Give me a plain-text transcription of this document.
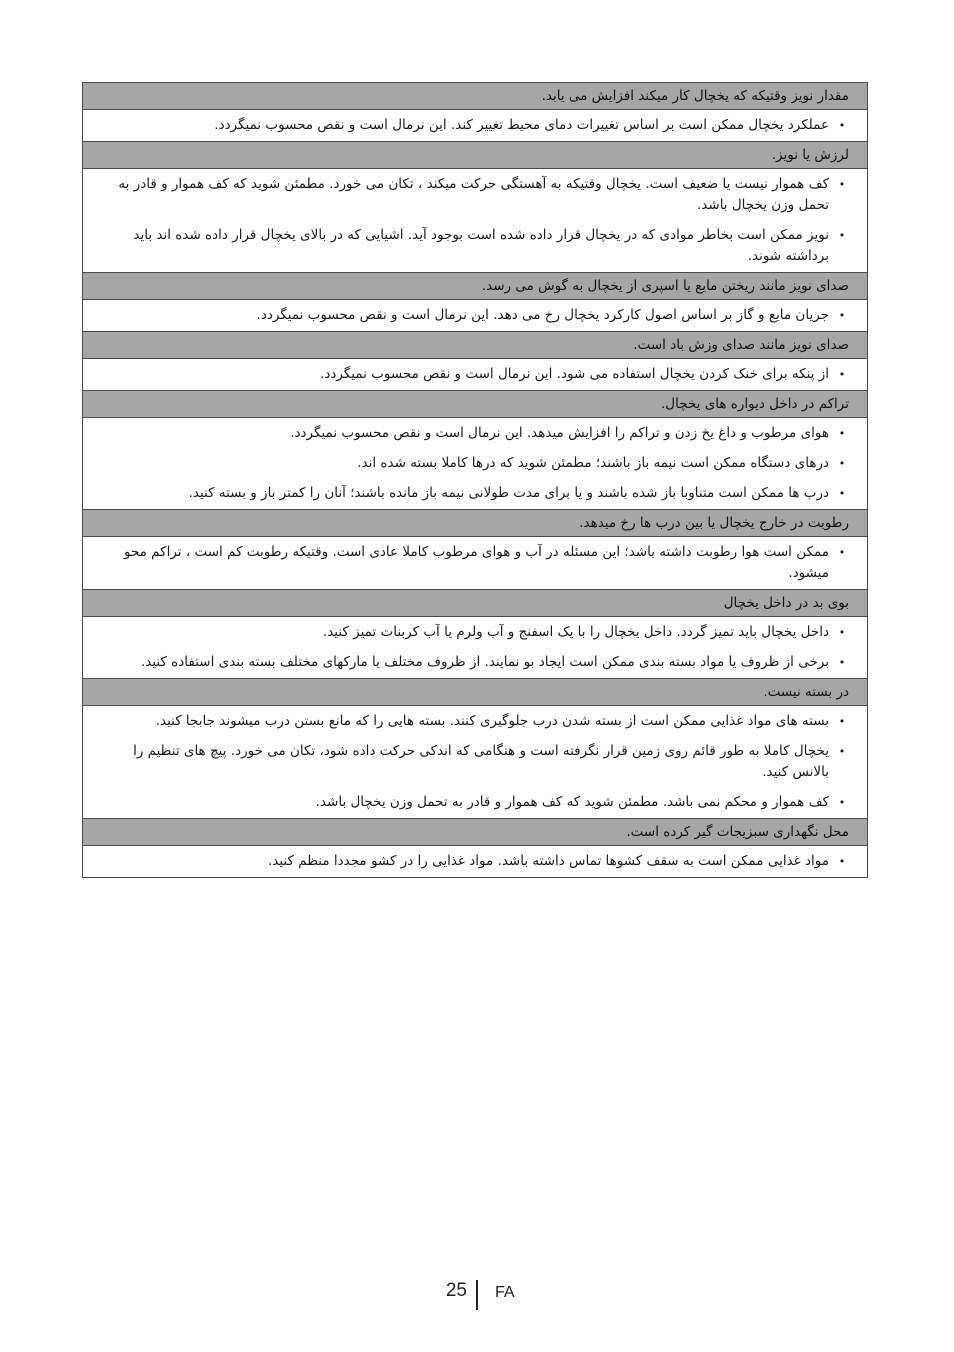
مقدار نویز وقتیکه که یخچال کار میکند افزایش می یابد.
•
عملکرد یخچال ممکن است بر اساس تغییرات دمای محیط تغییر کند. این نرمال است و نقص محسوب نمیگردد.
لرزش یا نویز.
•
کف هموار نیست یا ضعیف است. یخچال وقتیکه به آهستگی حرکت میکند ، تکان می خورد. مطمئن شوید که کف هموار و قادر به تحمل وزن یخچال باشد.
•
نویز ممکن است بخاطر موادی که در یخچال قرار داده شده است بوجود آید. اشیایی که در بالای یخچال قرار داده شده اند باید برداشته شوند.
صدای نویز مانند ریختن مایع یا اسپری از یخچال به گوش می رسد.
•
جریان مایع و گاز بر اساس اصول کارکرد یخچال رخ می دهد. این نرمال است و نقص محسوب نمیگردد.
صدای نویز مانند صدای وزش باد است.
•
از پنکه برای خنک کردن یخچال استفاده می شود. این نرمال است و نقص محسوب نمیگردد.
تراکم در داخل دیواره های یخچال.
•
هوای مرطوب و داغ یخ زدن و تراکم را افزایش میدهد. این نرمال است و نقص محسوب نمیگردد.
•
درهای دستگاه ممکن است نیمه باز باشند؛ مطمئن شوید که درها کاملا بسته شده اند.
•
درب ها ممکن است متناوبا باز شده باشند و یا برای مدت طولانی نیمه باز مانده باشند؛ آنان را کمتر باز و بسته کنید.
رطوبت در خارج یخچال یا بین درب ها رخ میدهد.
•
ممکن است هوا رطوبت داشته باشد؛ این مسئله در آب و هوای مرطوب کاملا عادی است. وقتیکه رطوبت کم است ، تراکم محو میشود.
بوی بد در داخل یخچال
•
داخل یخچال باید تمیز گردد. داخل یخچال را با یک اسفنج و آب ولرم یا آب کربنات تمیز کنید.
•
برخی از ظروف یا مواد بسته بندی ممکن است ایجاد بو نمایند. از ظروف مختلف یا مارکهای مختلف بسته بندی استفاده کنید.
در بسته نیست.
•
بسته های مواد غذایی ممکن است از بسته شدن درب جلوگیری کنند. بسته هایی را که مانع بستن درب میشوند جابجا کنید.
•
یخچال کاملا به طور قائم روی زمین قرار نگرفته است و هنگامی که اندکی حرکت داده شود، تکان می خورد. پیچ های تنظیم را بالانس کنید.
•
کف هموار و محکم نمی باشد. مطمئن شوید که کف هموار و قادر به تحمل وزن یخچال باشد.
محل نگهداری سبزیجات گیر کرده است.
•
مواد غذایی ممکن است به سقف کشوها تماس داشته باشد. مواد غذایی را در کشو مجددا منظم کنید.
25 FA
